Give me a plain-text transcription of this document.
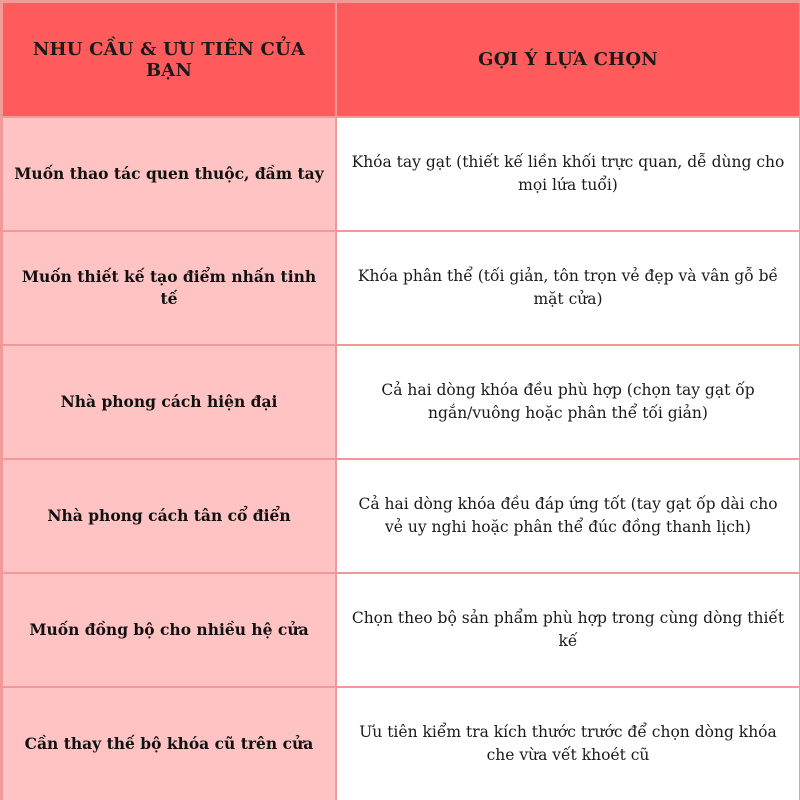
NHU CẦU & ƯU TIÊN CỦA BẠN	GỢI Ý LỰA CHỌN
Muốn thao tác quen thuộc, đầm tay	Khóa tay gạt (thiết kế liền khối trực quan, dễ dùng cho mọi lứa tuổi)
Muốn thiết kế tạo điểm nhấn tinh tế	Khóa phân thể (tối giản, tôn trọn vẻ đẹp và vân gỗ bề mặt cửa)
Nhà phong cách hiện đại	Cả hai dòng khóa đều phù hợp (chọn tay gạt ốp ngắn/vuông hoặc phân thể tối giản)
Nhà phong cách tân cổ điển	Cả hai dòng khóa đều đáp ứng tốt (tay gạt ốp dài cho vẻ uy nghi hoặc phân thể đúc đồng thanh lịch)
Muốn đồng bộ cho nhiều hệ cửa	Chọn theo bộ sản phẩm phù hợp trong cùng dòng thiết kế
Cần thay thế bộ khóa cũ trên cửa	Ưu tiên kiểm tra kích thước trước để chọn dòng khóa che vừa vết khoét cũ
